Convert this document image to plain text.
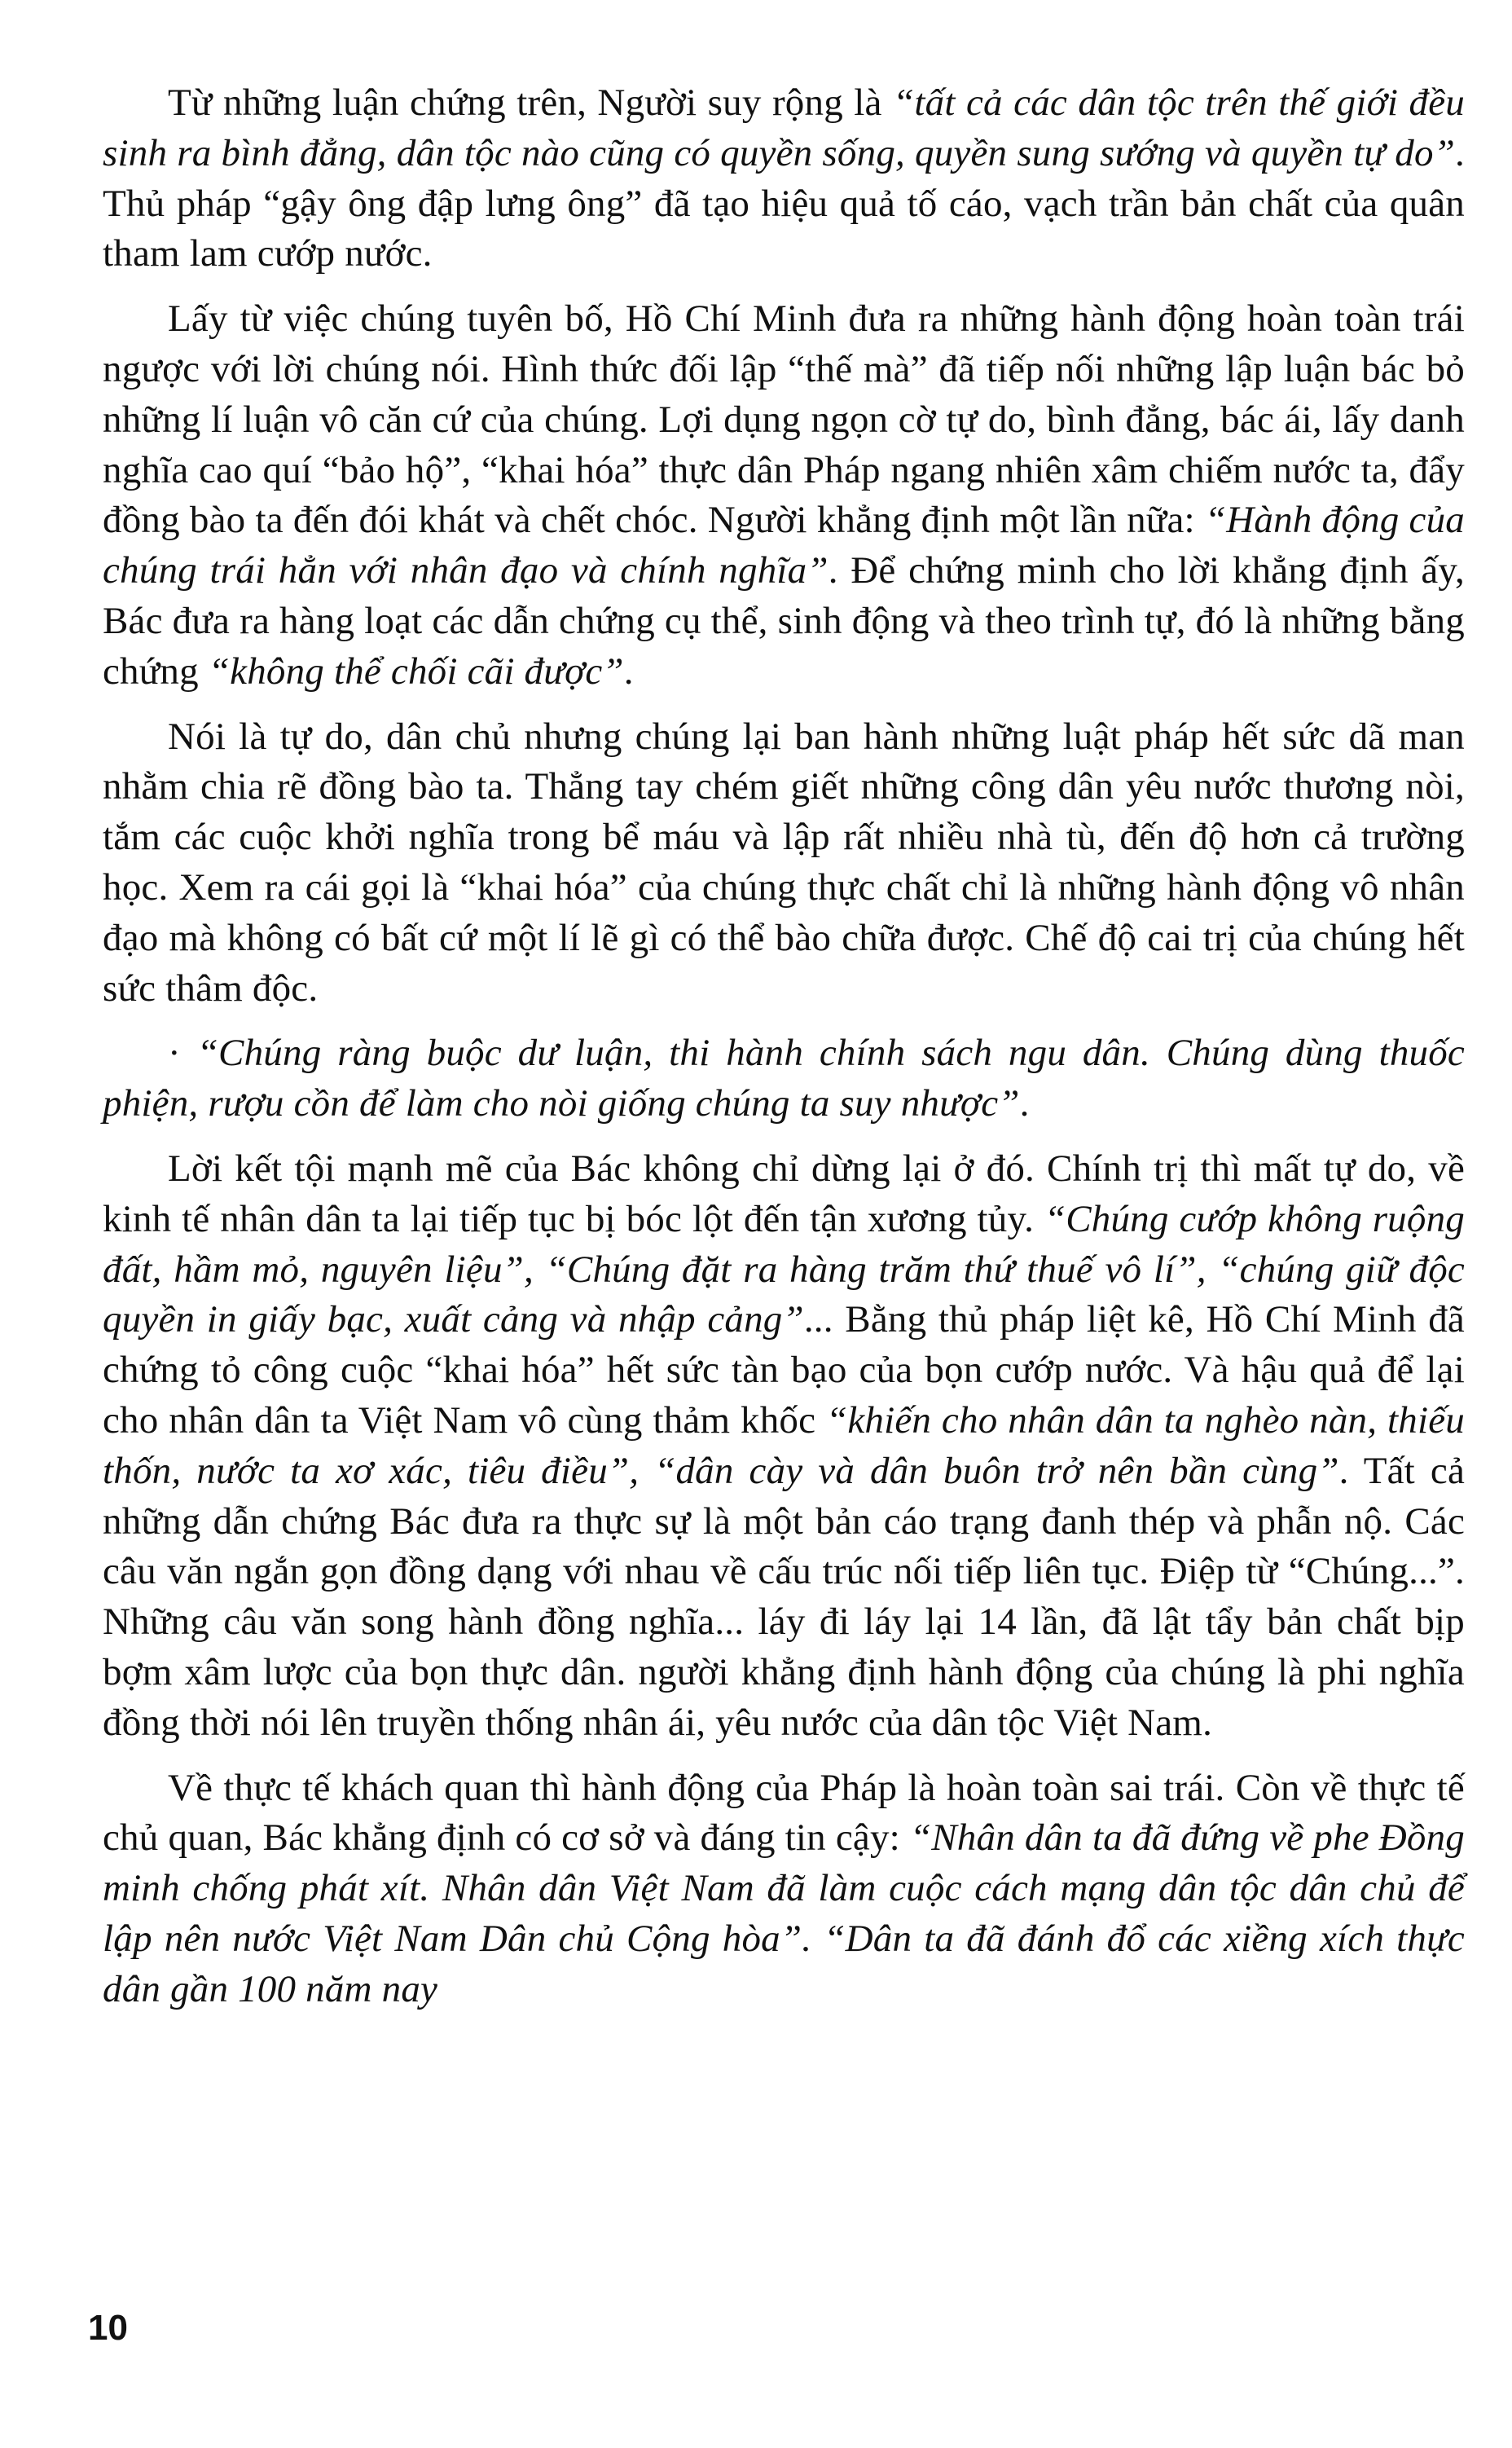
Từ những luận chứng trên, Người suy rộng là “tất cả các dân tộc trên thế giới đều sinh ra bình đẳng, dân tộc nào cũng có quyền sống, quyền sung sướng và quyền tự do”. Thủ pháp “gậy ông đập lưng ông” đã tạo hiệu quả tố cáo, vạch trần bản chất của quân tham lam cướp nước.

Lấy từ việc chúng tuyên bố, Hồ Chí Minh đưa ra những hành động hoàn toàn trái ngược với lời chúng nói. Hình thức đối lập “thế mà” đã tiếp nối những lập luận bác bỏ những lí luận vô căn cứ của chúng. Lợi dụng ngọn cờ tự do, bình đẳng, bác ái, lấy danh nghĩa cao quí “bảo hộ”, “khai hóa” thực dân Pháp ngang nhiên xâm chiếm nước ta, đẩy đồng bào ta đến đói khát và chết chóc. Người khẳng định một lần nữa: “Hành động của chúng trái hẳn với nhân đạo và chính nghĩa”. Để chứng minh cho lời khẳng định ấy, Bác đưa ra hàng loạt các dẫn chứng cụ thể, sinh động và theo trình tự, đó là những bằng chứng “không thể chối cãi được”.

Nói là tự do, dân chủ nhưng chúng lại ban hành những luật pháp hết sức dã man nhằm chia rẽ đồng bào ta. Thẳng tay chém giết những công dân yêu nước thương nòi, tắm các cuộc khởi nghĩa trong bể máu và lập rất nhiều nhà tù, đến độ hơn cả trường học. Xem ra cái gọi là “khai hóa” của chúng thực chất chỉ là những hành động vô nhân đạo mà không có bất cứ một lí lẽ gì có thể bào chữa được. Chế độ cai trị của chúng hết sức thâm độc.

· “Chúng ràng buộc dư luận, thi hành chính sách ngu dân. Chúng dùng thuốc phiện, rượu cồn để làm cho nòi giống chúng ta suy nhược”.

Lời kết tội mạnh mẽ của Bác không chỉ dừng lại ở đó. Chính trị thì mất tự do, về kinh tế nhân dân ta lại tiếp tục bị bóc lột đến tận xương tủy. “Chúng cướp không ruộng đất, hầm mỏ, nguyên liệu”, “Chúng đặt ra hàng trăm thứ thuế vô lí”, “chúng giữ độc quyền in giấy bạc, xuất cảng và nhập cảng”... Bằng thủ pháp liệt kê, Hồ Chí Minh đã chứng tỏ công cuộc “khai hóa” hết sức tàn bạo của bọn cướp nước. Và hậu quả để lại cho nhân dân ta Việt Nam vô cùng thảm khốc “khiến cho nhân dân ta nghèo nàn, thiếu thốn, nước ta xơ xác, tiêu điều”, “dân cày và dân buôn trở nên bần cùng”. Tất cả những dẫn chứng Bác đưa ra thực sự là một bản cáo trạng đanh thép và phẫn nộ. Các câu văn ngắn gọn đồng dạng với nhau về cấu trúc nối tiếp liên tục. Điệp từ “Chúng...”. Những câu văn song hành đồng nghĩa... láy đi láy lại 14 lần, đã lật tẩy bản chất bịp bợm xâm lược của bọn thực dân. người khẳng định hành động của chúng là phi nghĩa đồng thời nói lên truyền thống nhân ái, yêu nước của dân tộc Việt Nam.

Về thực tế khách quan thì hành động của Pháp là hoàn toàn sai trái. Còn về thực tế chủ quan, Bác khẳng định có cơ sở và đáng tin cậy: “Nhân dân ta đã đứng về phe Đồng minh chống phát xít. Nhân dân Việt Nam đã làm cuộc cách mạng dân tộc dân chủ để lập nên nước Việt Nam Dân chủ Cộng hòa”. “Dân ta đã đánh đổ các xiềng xích thực dân gần 100 năm nay

10
